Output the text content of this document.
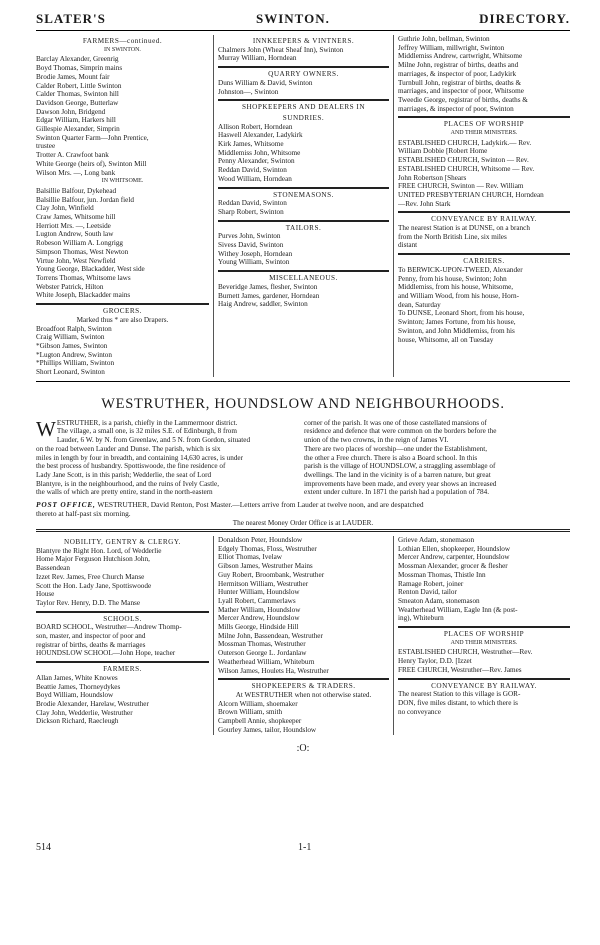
SLATER'S	SWINTON.	DIRECTORY.
FARMERS—continued.
IN SWINTON.
Barclay Alexander, Greenrig
Boyd Thomas, Simprin mains
Brodie James, Mount fair
Calder Robert, Little Swinton
Calder Thomas, Swinton hill
Davidson George, Butterlaw
Dawson John, Bridgend
Edgar William, Harkers hill
Gillespie Alexander, Simprin
Swinton Quarter Farm—John Prentice,
trustee
Trotter A. Crawfoot bank
White George (heirs of), Swinton Mill
Wilson Mrs. —, Long bank
IN WHITSOME.
Balsillie Balfour, Dykehead
Balsillie Balfour, jun. Jordan field
Clay John, Winfield
Craw James, Whitsome hill
Herriott Mrs. —, Leetside
Lugton Andrew, South law
Robeson William A. Longrigg
Simpson Thomas, West Newton
Virtue John, West Newfield
Young George, Blackadder, West side
Torrens Thomas, Whitsome laws
Webster Patrick, Hilton
White Joseph, Blackadder mains
GROCERS.
Marked thus * are also Drapers.
Broadfoot Ralph, Swinton
Craig William, Swinton
*Gibson James, Swinton
*Lugton Andrew, Swinton
*Phillips William, Swinton
Short Leonard, Swinton
INNKEEPERS & VINTNERS.
Chalmers John (Wheat Sheaf Inn), Swinton
Murray William, Horndean
QUARRY OWNERS.
Duns William & David, Swinton
Johnston—, Swinton
SHOPKEEPERS AND DEALERS IN
SUNDRIES.
Allison Robert, Horndean
Haswell Alexander, Ladykirk
Kirk James, Whitsome
Middlemiss John, Whitsome
Penny Alexander, Swinton
Reddan David, Swinton
Wood William, Horndean
STONEMASONS.
Reddan David, Swinton
Sharp Robert, Swinton
TAILORS.
Purves John, Swinton
Sivess David, Swinton
Withey Joseph, Horndean
Young William, Swinton
MISCELLANEOUS.
Beveridge James, flesher, Swinton
Burnett James, gardener, Horndean
Haig Andrew, saddler, Swinton
Guthrie John, bellman, Swinton
Jeffrey William, millwright, Swinton
Middlemiss Andrew, cartwright, Whitsome
Milne John, registrar of births, deaths and
marriages, & inspector of poor, Ladykirk
Turnbull John, registrar of births, deaths &
marriages, and inspector of poor, Whitsome
Tweedie George, registrar of births, deaths &
marriages, & inspector of poor, Swinton
PLACES OF WORSHIP
AND THEIR MINISTERS.
ESTABLISHED CHURCH, Ladykirk.— Rev.
William Dobbie [Robert Home
ESTABLISHED CHURCH, Swinton — Rev.
ESTABLISHED CHURCH, Whitsome — Rev.
John Robertson [Shears
FREE CHURCH, Swinton — Rev. William
UNITED PRESBYTERIAN CHURCH, Horndean
—Rev. John Stark
CONVEYANCE BY RAILWAY.
The nearest Station is at DUNSE, on a branch
from the North British Line, six miles
distant
CARRIERS.
To BERWICK-UPON-TWEED, Alexander
Penny, from his house, Swinton; John
Middlemiss, from his house, Whitsome,
and William Wood, from his house, Horn-
dean, Saturday
To DUNSE, Leonard Short, from his house,
Swinton; James Fortune, from his house,
Swinton, and John Middlemiss, from his
house, Whitsome, all on Tuesday
WESTRUTHER, HOUNDSLOW AND NEIGHBOURHOODS.
W ESTRUTHER, is a parish, chiefly in the Lammermoor district.
The village, a small one, is 32 miles S.E. of Edinburgh, 8 from
Lauder, 6 W. by N. from Greenlaw, and 5 N. from Gordon, situated
on the road between Lauder and Dunse. The parish, which is six
miles in length by four in breadth, and containing 14,630 acres, is under
the best process of husbandry. Spottiswoode, the fine residence of
Lady Jane Scott, is in this parish; Wedderlie, the seat of Lord
Blantyre, is in the neighbourhood, and the ruins of Ively Castle,
the walls of which are pretty entire, stand in the north-eastern
corner of the parish. It was one of those castellated mansions of
residence and defence that were common on the borders before the
union of the two crowns, in the reign of James VI.
There are two places of worship—one under the Establishment,
the other a Free church. There is also a Board school. In this
parish is the village of HOUNDSLOW, a straggling assemblage of
dwellings. The land in the vicinity is of a barren nature, but great
improvements have been made, and every year shows an increased
extent under culture. In 1871 the parish had a population of 784.
POST OFFICE, WESTRUTHER, David Renton, Post Master.—Letters arrive from Lauder at twelve noon, and are despatched
thereto at half-past six morning.
The nearest Money Order Office is at LAUDER.
NOBILITY, GENTRY & CLERGY.
Blantyre the Right Hon. Lord, of Wedderlie
Home Major Ferguson Hutchison John,
Bassendean
Izzet Rev. James, Free Church Manse
Scott the Hon. Lady Jane, Spottiswoode
House
Taylor Rev. Henry, D.D. The Manse
SCHOOLS.
BOARD SCHOOL, Westruther—Andrew Thomp-
son, master, and inspector of poor and
registrar of births, deaths & marriages
HOUNDSLOW SCHOOL—John Hope, teacher
FARMERS.
Allan James, White Knowes
Beattie James, Thorneydykes
Boyd William, Houndslow
Brodie Alexander, Harelaw, Westruther
Clay John, Wedderlie, Westruther
Dickson Richard, Raecleugh
Donaldson Peter, Houndslow
Edgely Thomas, Floss, Westruther
Elliot Thomas, Ivelaw
Gibson James, Westruther Mains
Guy Robert, Broombank, Westruther
Hermitson William, Westruther
Hunter William, Houndslow
Lyall Robert, Cammerlaws
Mather William, Houndslow
Mercer Andrew, Houndslow
Mills George, Hindside Hill
Milne John, Bassendean, Westruther
Mossman Thomas, Westruther
Outerson George L. Jordanlaw
Weatherhead William, Whiteburn
Wilson James, Houlets Ha, Westruther
SHOPKEEPERS & TRADERS.
At WESTRUTHER when not otherwise stated.
Alcorn William, shoemaker
Brown William, smith
Campbell Annie, shopkeeper
Gourley James, tailor, Houndslow
Grieve Adam, stonemason
Lothian Ellen, shopkeeper, Houndslow
Mercer Andrew, carpenter, Houndslow
Mossman Alexander, grocer & flesher
Mossman Thomas, Thistle Inn
Ramage Robert, joiner
Renton David, tailor
Smeaton Adam, stonemason
Weatherhead William, Eagle Inn (& post-
ing), Whiteburn
PLACES OF WORSHIP
AND THEIR MINISTERS.
ESTABLISHED CHURCH, Westruther—Rev.
Henry Taylor, D.D. [Izzet
FREE CHURCH, Westruther—Rev. James
CONVEYANCE BY RAILWAY.
The nearest Station to this village is GOR-
DON, five miles distant, to which there is
no conveyance
:O:
514	1-1
